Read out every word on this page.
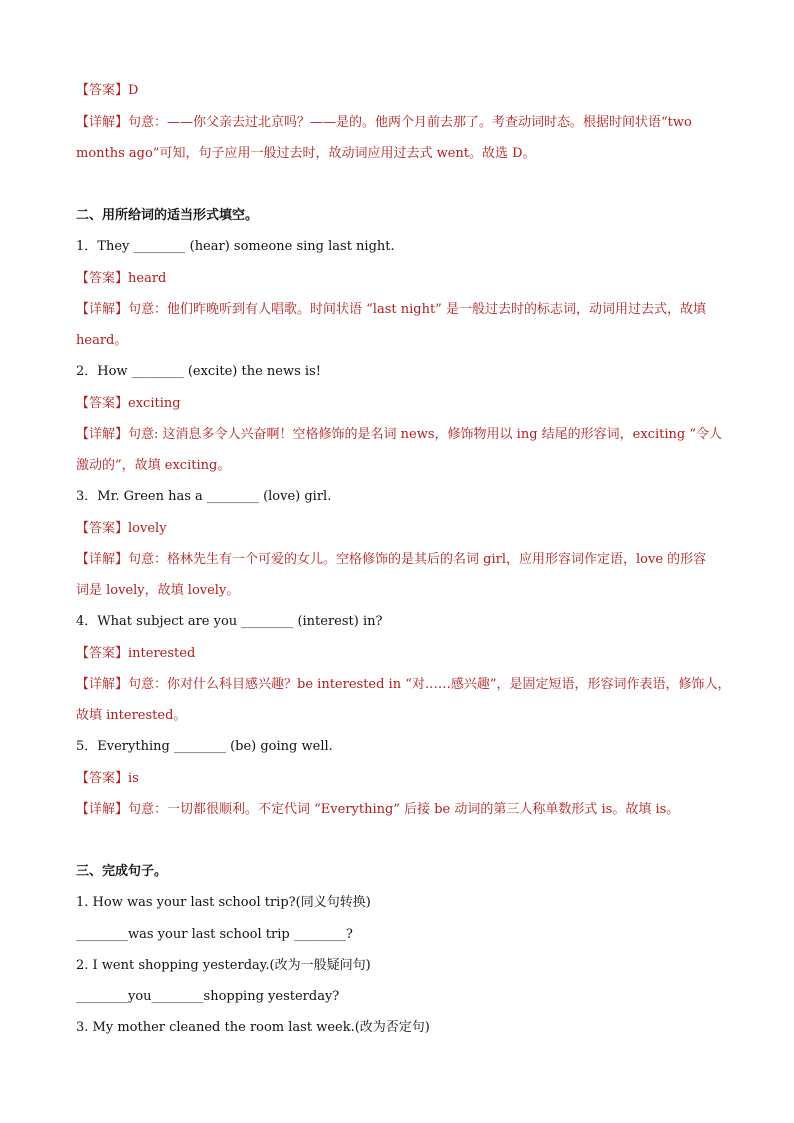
【答案】D
【详解】句意：——你父亲去过北京吗？——是的。他两个月前去那了。考查动词时态。根据时间状语“two
months ago”可知，句子应用一般过去时，故动词应用过去式 went。故选 D。
二、用所给词的适当形式填空。
1．They ________ (hear) someone sing last night.
【答案】heard
【详解】句意：他们昨晚听到有人唱歌。时间状语 “last night” 是一般过去时的标志词，动词用过去式，故填
heard。
2．How ________ (excite) the news is!
【答案】exciting
【详解】句意: 这消息多令人兴奋啊！空格修饰的是名词 news，修饰物用以 ing 结尾的形容词，exciting “令人
激动的”，故填 exciting。
3．Mr. Green has a ________ (love) girl.
【答案】lovely
【详解】句意：格林先生有一个可爱的女儿。空格修饰的是其后的名词 girl，应用形容词作定语，love 的形容
词是 lovely，故填 lovely。
4．What subject are you ________ (interest) in?
【答案】interested
【详解】句意：你对什么科目感兴趣？be interested in “对……感兴趣”，是固定短语，形容词作表语，修饰人，
故填 interested。
5．Everything ________ (be) going well.
【答案】is
【详解】句意：一切都很顺利。不定代词 “Everything” 后接 be 动词的第三人称单数形式 is。故填 is。
三、完成句子。
1. How was your last school trip?(同义句转换)
________was your last school trip ________?
2. I went shopping yesterday.(改为一般疑问句)
________you________shopping yesterday?
3. My mother cleaned the room last week.(改为否定句)
